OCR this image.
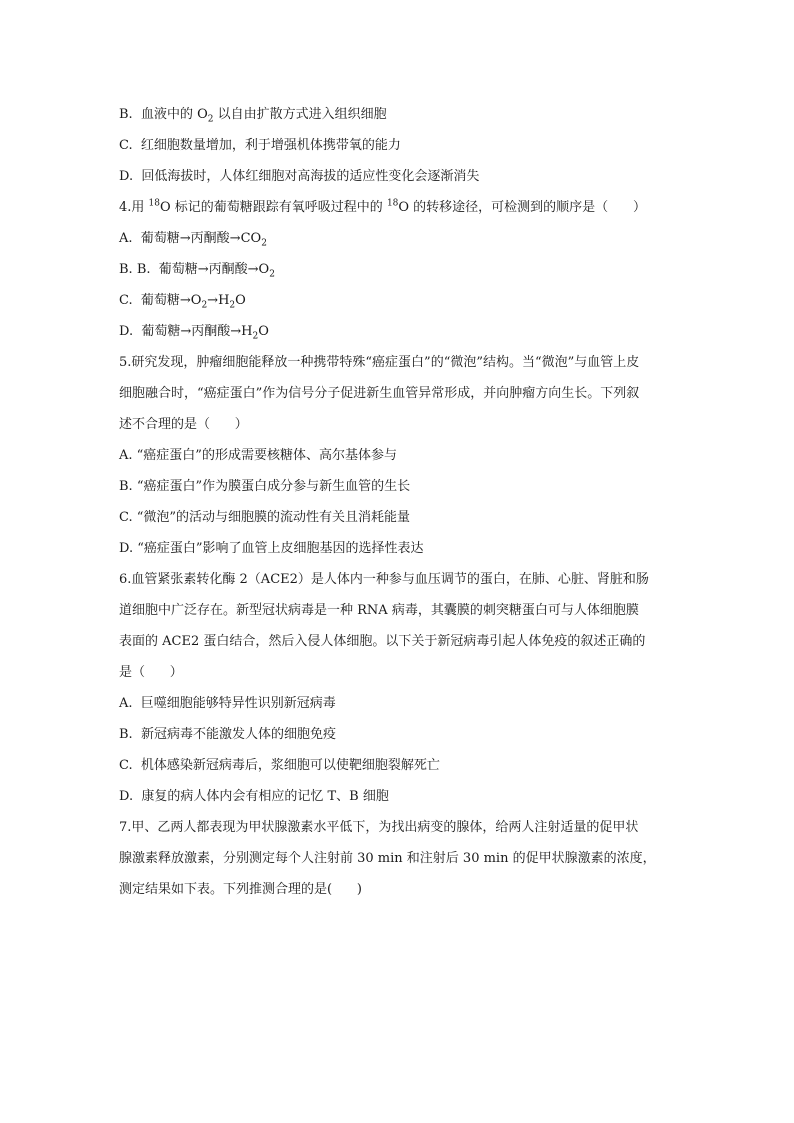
B.  血液中的 $O_2$ 以自由扩散方式进入组织细胞
C.  红细胞数量增加，利于增强机体携带氧的能力
D.  回低海拔时，人体红细胞对高海拔的适应性变化会逐渐消失
4.用 $^{18}$O 标记的葡萄糖跟踪有氧呼吸过程中的 $^{18}$O 的转移途径，可检测到的顺序是（      ）
A.  葡萄糖→丙酮酸$\to CO_2$
B. B.  葡萄糖→丙酮酸$\to O_2$
C.  葡萄糖$\to O_2\to H_2O$
D.  葡萄糖→丙酮酸$\to H_2O$
5.研究发现，肿瘤细胞能释放一种携带特殊“癌症蛋白”的“微泡”结构。当“微泡”与血管上皮
细胞融合时，“癌症蛋白”作为信号分子促进新生血管异常形成，并向肿瘤方向生长。下列叙
述不合理的是（      ）
A. “癌症蛋白”的形成需要核糖体、高尔基体参与
B. “癌症蛋白”作为膜蛋白成分参与新生血管的生长
C. “微泡”的活动与细胞膜的流动性有关且消耗能量
D. “癌症蛋白”影响了血管上皮细胞基因的选择性表达
6.血管紧张素转化酶 2（ACE2）是人体内一种参与血压调节的蛋白，在肺、心脏、肾脏和肠
道细胞中广泛存在。新型冠状病毒是一种 RNA 病毒，其囊膜的刺突糖蛋白可与人体细胞膜
表面的 ACE2 蛋白结合，然后入侵人体细胞。以下关于新冠病毒引起人体免疫的叙述正确的
是（      ）
A.  巨噬细胞能够特异性识别新冠病毒
B.  新冠病毒不能激发人体的细胞免疫
C.  机体感染新冠病毒后，浆细胞可以使靶细胞裂解死亡
D.  康复的病人体内会有相应的记忆 T、B 细胞
7.甲、乙两人都表现为甲状腺激素水平低下，为找出病变的腺体，给两人注射适量的促甲状
腺激素释放激素，分别测定每个人注射前 30 min 和注射后 30 min 的促甲状腺激素的浓度，
测定结果如下表。下列推测合理的是(      )
